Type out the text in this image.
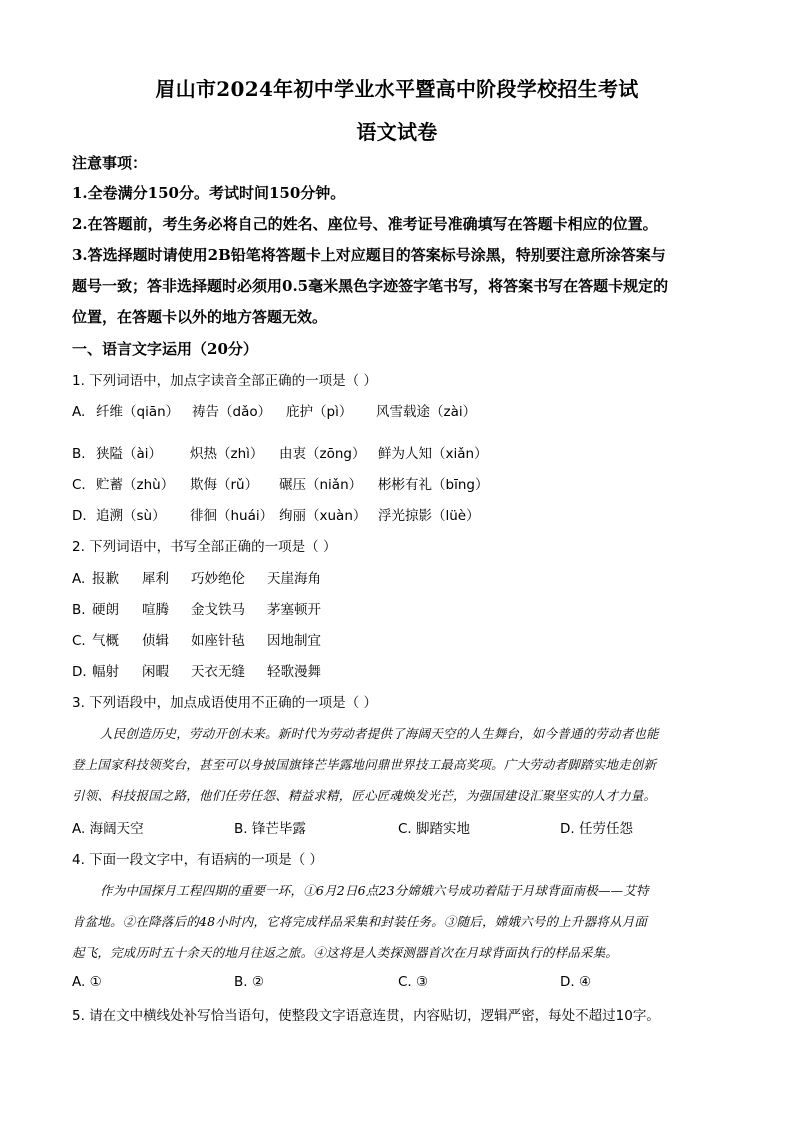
眉山市2024年初中学业水平暨高中阶段学校招生考试
语文试卷
注意事项：
1.全卷满分150分。考试时间150分钟。
2.在答题前，考生务必将自己的姓名、座位号、准考证号准确填写在答题卡相应的位置。
3.答选择题时请使用2B铅笔将答题卡上对应题目的答案标号涂黑，特别要注意所涂答案与
题号一致；答非选择题时必须用0.5毫米黑色字迹签字笔书写，将答案书写在答题卡规定的
位置，在答题卡以外的地方答题无效。
一、语言文字运用（20分）
1. 下列词语中，加点字读音全部正确的一项是（ ）
A. 纤维（qiān） 祷告（dǎo） 庇护（pì） 风雪载途（zài）
B. 狭隘（ài） 炽热（zhì） 由衷（zōng） 鲜为人知（xiǎn）
C. 贮蓄（zhù） 欺侮（rǔ） 碾压（niǎn） 彬彬有礼（bīng）
D. 追溯（sù） 徘徊（huái） 绚丽（xuàn） 浮光掠影（lüè）
2. 下列词语中，书写全部正确的一项是（ ）
A. 报歉 犀利 巧妙绝伦 天崖海角
B. 硬朗 喧腾 金戈铁马 茅塞顿开
C. 气概 侦辑 如座针毡 因地制宜
D. 幅射 闲暇 天衣无缝 轻歌漫舞
3. 下列语段中，加点成语使用不正确的一项是（ ）
人民创造历史，劳动开创未来。新时代为劳动者提供了海阔天空的人生舞台，如今普通的劳动者也能
登上国家科技领奖台，甚至可以身披国旗锋芒毕露地问鼎世界技工最高奖项。广大劳动者脚踏实地走创新
引领、科技报国之路，他们任劳任怨、精益求精，匠心匠魂焕发光芒，为强国建设汇聚坚实的人才力量。
A. 海阔天空	B. 锋芒毕露	C. 脚踏实地	D. 任劳任怨
4. 下面一段文字中，有语病的一项是（ ）
作为中国探月工程四期的重要一环，①6月2日6点23分嫦娥六号成功着陆于月球背面南极——艾特
肯盆地。②在降落后的48小时内，它将完成样品采集和封装任务。③随后，嫦娥六号的上升器将从月面
起飞，完成历时五十余天的地月往返之旅。④这将是人类探测器首次在月球背面执行的样品采集。
A. ①	B. ②	C. ③	D. ④
5. 请在文中横线处补写恰当语句，使整段文字语意连贯，内容贴切，逻辑严密，每处不超过10字。
